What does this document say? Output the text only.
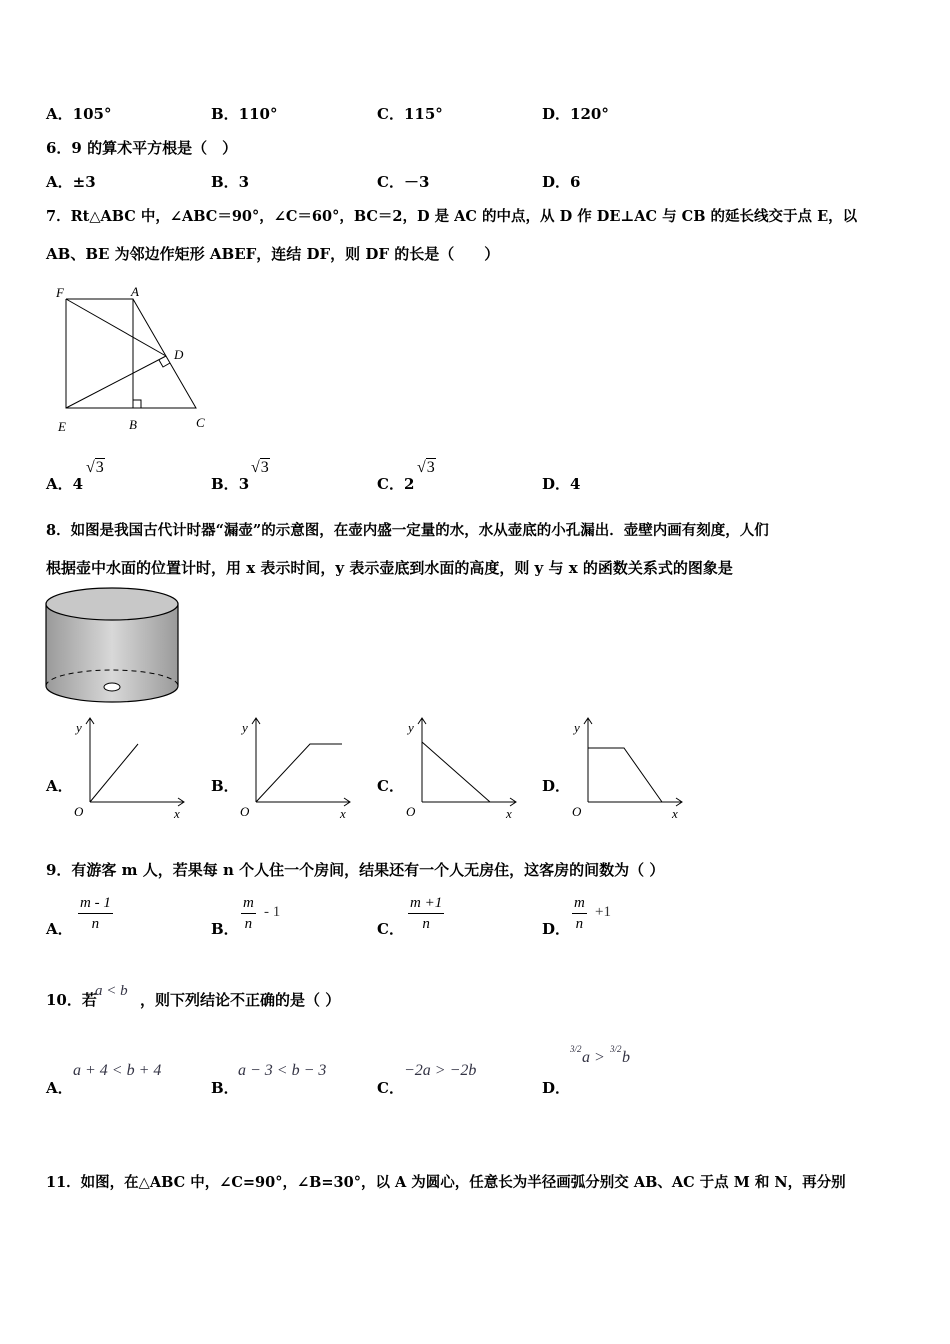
A．105°	B．110°	C．115°	D．120°
6．9 的算术平方根是（　）
A．±3	B．3	C．－3	D．6
7．Rt△ABC 中，∠ABC＝90°，∠C＝60°，BC＝2，D 是 AC 的中点，从 D 作 DE⊥AC 与 CB 的延长线交于点 E，以
AB、BE 为邻边作矩形 ABEF，连结 DF，则 DF 的长是（　　）
F	A
D
E	B	C
A．4
√3
B．3
√3
C．2
√3
D．4
8．如图是我国古代计时器“漏壶”的示意图，在壶内盛一定量的水，水从壶底的小孔漏出．壶壁内画有刻度，人们
根据壶中水面的位置计时，用 x 表示时间，y 表示壶底到水面的高度，则 y 与 x 的函数关系式的图象是
A．
y
x
O
B．
y
x
O
C．
y
x
O
D．
y
x
O
9．有游客 m 人，若果每 n 个人住一个房间，结果还有一个人无房住，这客房的间数为（ ）
A． $\frac{m - 1}{n}$	B． $\frac{m}{n} - 1$
C． $\frac{m +1}{n}$	D． $\frac{m}{n} +1$
10．若
a < b ，则下列结论不正确的是（ ）
A．
a + 4 < b + 4
B．
a − 3 < b − 3
C．
−2a > −2b
D．
3/2 a > 3/2 b
11．如图，在△ABC 中，∠C=90°，∠B=30°，以 A 为圆心，任意长为半径画弧分别交 AB、AC 于点 M 和 N，再分别
